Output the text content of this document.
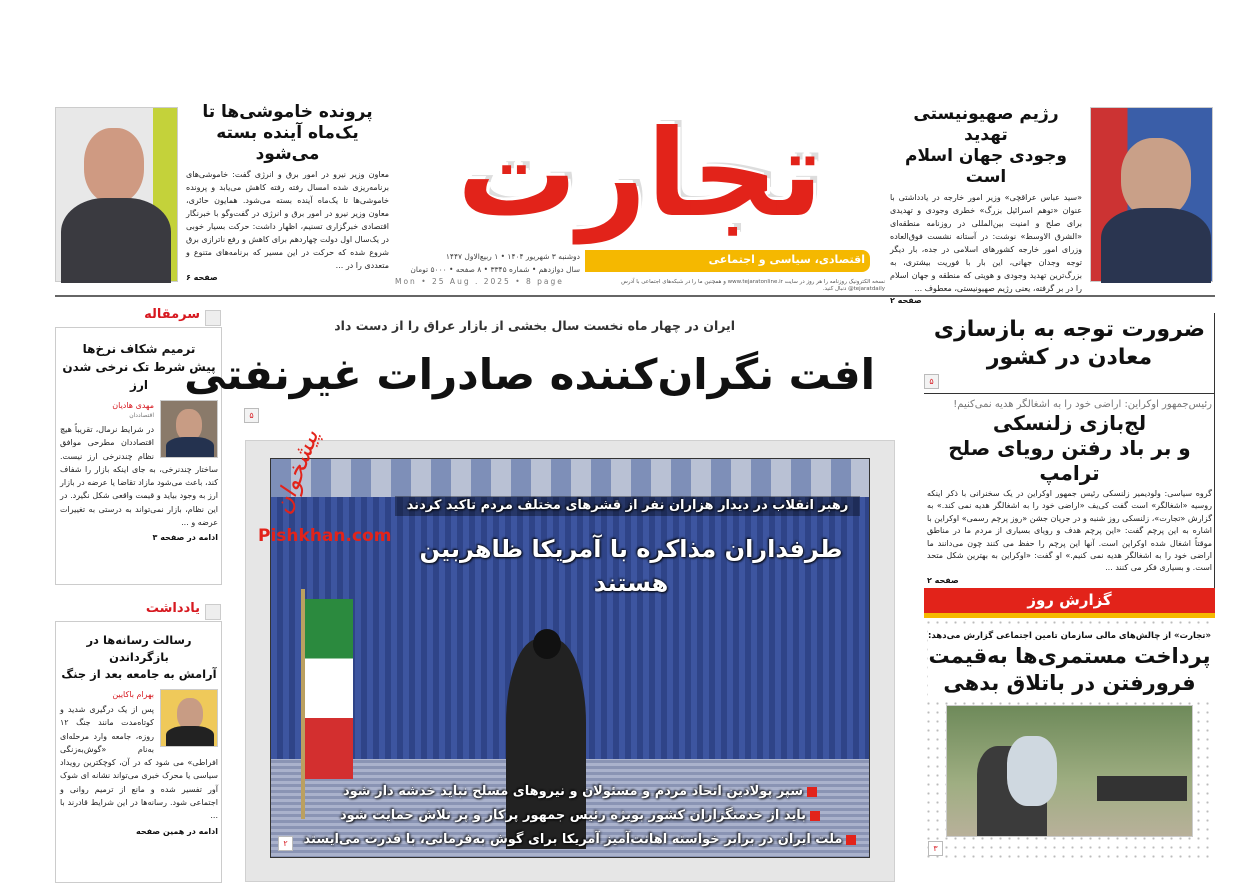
اقتصادی، سیاسی و اجتماعی
تجارت
دوشنبه ۳ شهریور ۱۴۰۴ • ۱ ربیع‌الاول ۱۴۴۷
سال دوازدهم • شماره ۳۳۴۵ • ۸ صفحه • ۵۰۰۰ تومان
Mon • 25 Aug . 2025 • 8 page	نسخه الکترونیک روزنامه را هر روز در سایت www.tejaratonline.ir و همچنین ما را در شبکه‌های اجتماعی با آدرس tejaratdaily@ دنبال کنید.
رژیم صهیونیستی تهدید
وجودی جهان اسلام است
«سید عباس عراقچی» وزیر امور خارجه در یادداشتی با عنوان «توهم اسرائیل بزرگ» خطری وجودی و تهدیدی برای صلح و امنیت بین‌المللی در روزنامه منطقه‌ای «الشرق الاوسط» نوشت: در آستانه نشست فوق‌العاده وزرای امور خارجه کشورهای اسلامی در جده، بار دیگر توجه وجدان جهانی، این بار با فوریت بیشتری، به بزرگ‌ترین تهدید وجودی و هویتی که منطقه و جهان اسلام را در بر گرفته، یعنی رژیم صهیونیستی، معطوف ...
صفحه ۲
پرونده خاموشی‌ها تا
یک‌ماه آینده بسته می‌شود
معاون وزیر نیرو در امور برق و انرژی گفت: خاموشی‌های برنامه‌ریزی شده امسال رفته رفته کاهش می‌یابد و پرونده خاموشی‌ها تا یک‌ماه آینده بسته می‌شود. همایون حائری، معاون وزیر نیرو در امور برق و انرژی در گفت‌وگو با خبرنگار اقتصادی خبرگزاری تسنیم، اظهار داشت: حرکت بسیار خوبی در یک‌سال اول دولت چهاردهم برای کاهش و رفع ناترازی برق شروع شده که حرکت در این مسیر که برنامه‌های متنوع و متعددی را در ...
صفحه ۶
سرمقاله
ترمیم شکاف نرخ‌ها
پیش شرط تک نرخی شدن ارز
مهدی هادیان
اقتصاددان
در شرایط نرمال، تقریباً هیچ اقتصاددان مطرحی موافق نظام چندنرخی ارز نیست. ساختار چندنرخی، به جای اینکه بازار را شفاف کند، باعث می‌شود مازاد تقاضا یا عرضه در بازار ارز به وجود بیاید و قیمت واقعی شکل نگیرد. در این نظام، بازار نمی‌تواند به درستی به تغییرات عرضه و ...
ادامه در صفحه ۳
یادداشت
رسالت رسانه‌ها در بازگرداندن
آرامش به جامعه بعد از جنگ
بهرام باکایین
پس از یک درگیری شدید و کوتاه‌مدت مانند جنگ ۱۲ روزه، جامعه وارد مرحله‌ای به‌نام «گوش‌به‌زنگی افراطی» می شود که در آن، کوچکترین رویداد سیاسی یا محرک خبری می‌تواند نشانه ای شوک آور تفسیر شده و مانع از ترمیم روانی و اجتماعی شود. رسانه‌ها در این شرایط قادرند با ...
ادامه در همین صفحه
ایران در چهار ماه نخست سال بخشی از بازار عراق را از دست داد
افت نگران‌کننده صادرات غیرنفتی
۵
رهبر انقلاب در دیدار هزاران نفر از قشرهای مختلف مردم تاکید کردند
طرفداران مذاکره با آمریکا ظاهربین هستند
سپر پولادین اتحاد مردم و مسئولان و نیروهای مسلح نباید خدشه دار شود
باید از خدمتگزاران کشور بویژه رئیس جمهور پرکار و پر تلاش حمایت شود
ملت ایران در برابر خواسته اهانت‌آمیز آمریکا برای گوش به‌فرمانی، با قدرت می‌ایستد
۲
پیشخوان
Pishkhan.com
ضرورت توجه به بازسازی
معادن در کشور
۵
رئیس‌جمهور اوکراین: اراضی خود را به اشغالگر هدیه نمی‌کنیم!
لج‌بازی زلنسکی
و بر باد رفتن رویای صلح ترامپ
گروه سیاسی: ولودیمیر زلنسکی رئیس جمهور اوکراین در یک سخنرانی با ذکر اینکه روسیه «اشغالگر» است گفت کی‌یف «اراضی خود را به اشغالگر هدیه نمی کند.» به گزارش «تجارت»، زلنسکی روز شنبه و در جریان جشن «روز پرچم رسمی» اوکراین با اشاره به این پرچم گفت: «این پرچم هدف و رویای بسیاری از مردم ما در مناطق موقتاً اشغال شده اوکراین است. آنها این پرچم را حفظ می کنند چون می‌دانند ما اراضی خود را به اشغالگر هدیه نمی کنیم.» او گفت: «اوکراین به بهترین شکل متحد است. و بسیاری فکر می کنند ...
صفحه ۲
گزارش روز
«تجارت» از چالش‌های مالی سازمان تامین اجتماعی گزارش می‌دهد:
پرداخت مستمری‌ها به‌قیمت
فرورفتن در باتلاق بدهی
۳
